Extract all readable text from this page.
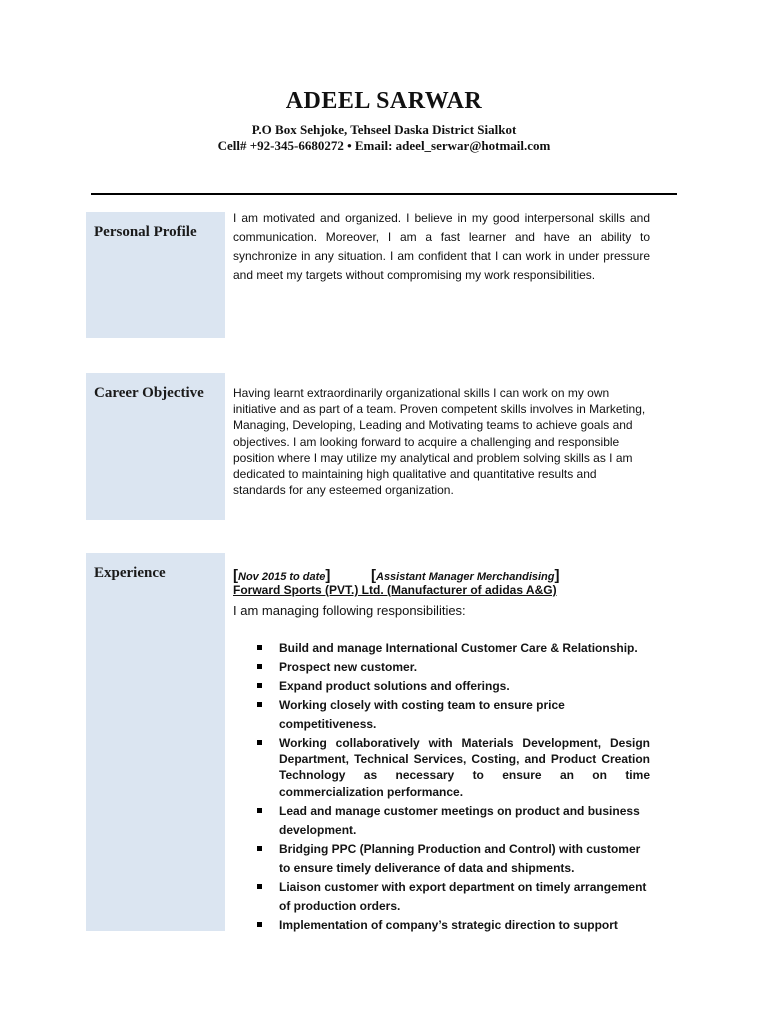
ADEEL SARWAR
P.O Box Sehjoke, Tehseel Daska District Sialkot
Cell# +92-345-6680272 • Email: adeel_serwar@hotmail.com
Personal Profile
I am motivated and organized. I believe in my good interpersonal skills and communication. Moreover, I am a fast learner and have an ability to synchronize in any situation. I am confident that I can work in under pressure and meet my targets without compromising my work responsibilities.
Career Objective Having learnt extraordinarily organizational skills I can work on my own initiative and as part of a team. Proven competent skills involves in Marketing, Managing, Developing, Leading and Motivating teams to achieve goals and objectives. I am looking forward to acquire a challenging and responsible position where I may utilize my analytical and problem solving skills as I am dedicated to maintaining high qualitative and quantitative results and standards for any esteemed organization.
Experience	[Nov 2015 to date]	[Assistant Manager Merchandising]
Forward Sports (PVT.) Ltd. (Manufacturer of adidas A&G)
I am managing following responsibilities:
Build and manage International Customer Care & Relationship.
Prospect new customer.
Expand product solutions and offerings.
Working closely with costing team to ensure price competitiveness.
Working collaboratively with Materials Development, Design Department, Technical Services, Costing, and Product Creation Technology as necessary to ensure an on time commercialization performance.
Lead and manage customer meetings on product and business development.
Bridging PPC (Planning Production and Control) with customer to ensure timely deliverance of data and shipments.
Liaison customer with export department on timely arrangement of production orders.
Implementation of company’s strategic direction to support
